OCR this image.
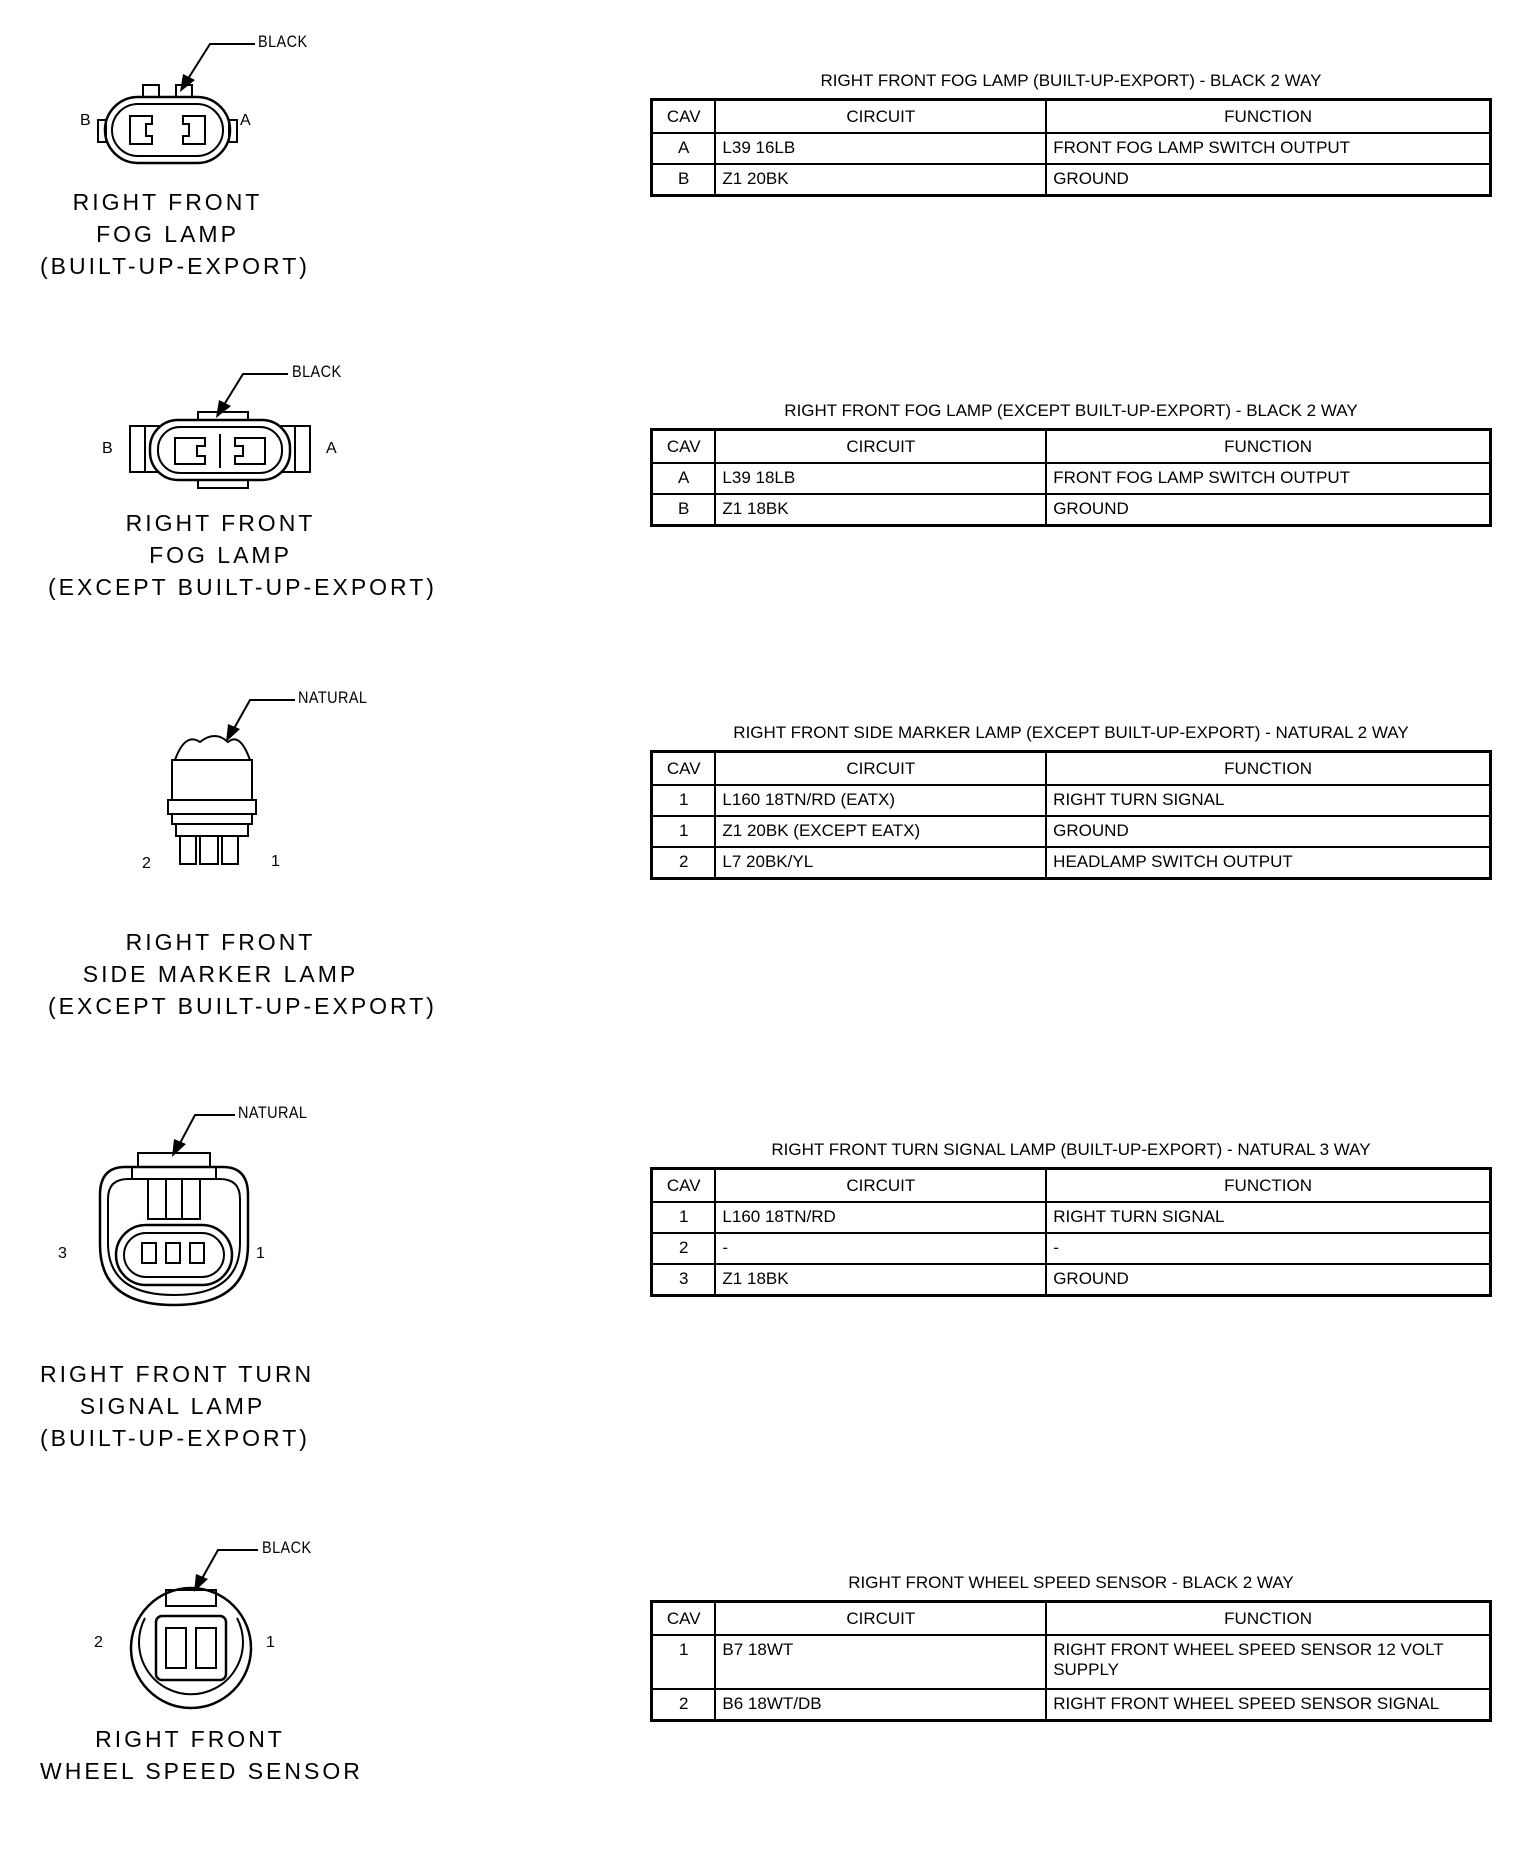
BLACK
B	A
RIGHT FRONT
FOG LAMP
(BUILT-UP-EXPORT)
RIGHT FRONT FOG LAMP (BUILT-UP-EXPORT) - BLACK 2 WAY
CAV	CIRCUIT	FUNCTION
A	L39 16LB	FRONT FOG LAMP SWITCH OUTPUT
B	Z1 20BK	GROUND
BLACK
B	A
RIGHT FRONT
FOG LAMP
(EXCEPT BUILT-UP-EXPORT)
RIGHT FRONT FOG LAMP (EXCEPT BUILT-UP-EXPORT) - BLACK 2 WAY
CAV	CIRCUIT	FUNCTION
A	L39 18LB	FRONT FOG LAMP SWITCH OUTPUT
B	Z1 18BK	GROUND
NATURAL
2	1
RIGHT FRONT
SIDE MARKER LAMP
(EXCEPT BUILT-UP-EXPORT)
RIGHT FRONT SIDE MARKER LAMP (EXCEPT BUILT-UP-EXPORT) - NATURAL 2 WAY
CAV	CIRCUIT	FUNCTION
1	L160 18TN/RD (EATX)	RIGHT TURN SIGNAL
1	Z1 20BK (EXCEPT EATX)	GROUND
2	L7 20BK/YL	HEADLAMP SWITCH OUTPUT
NATURAL
3	1
RIGHT FRONT TURN
SIGNAL LAMP
(BUILT-UP-EXPORT)
RIGHT FRONT TURN SIGNAL LAMP (BUILT-UP-EXPORT) - NATURAL 3 WAY
CAV	CIRCUIT	FUNCTION
1	L160 18TN/RD	RIGHT TURN SIGNAL
2	-	-
3	Z1 18BK	GROUND
BLACK
2	1
RIGHT FRONT
WHEEL SPEED SENSOR
RIGHT FRONT WHEEL SPEED SENSOR - BLACK 2 WAY
CAV	CIRCUIT	FUNCTION
1	B7 18WT	RIGHT FRONT WHEEL SPEED SENSOR 12 VOLT SUPPLY
2	B6 18WT/DB	RIGHT FRONT WHEEL SPEED SENSOR SIGNAL
